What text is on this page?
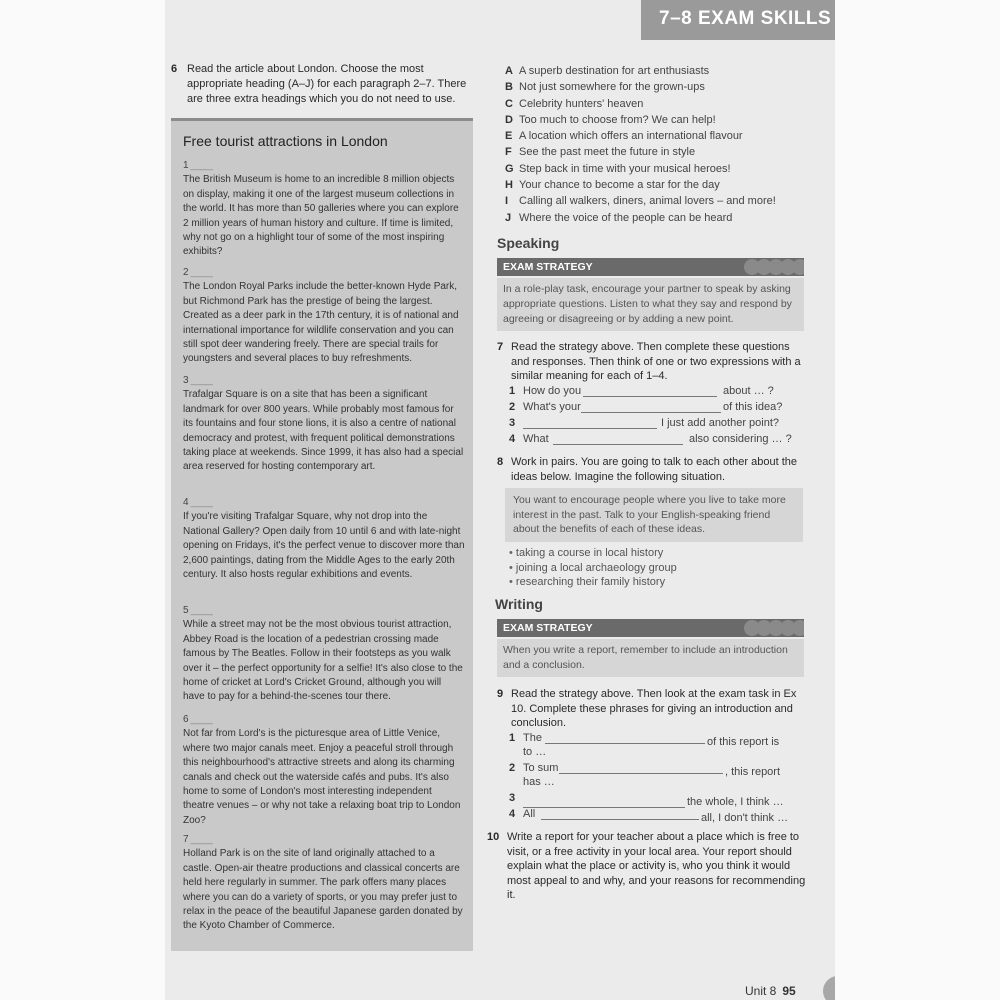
7–8 EXAM SKILLS
6 Read the article about London. Choose the most appropriate heading (A–J) for each paragraph 2–7. There are three extra headings which you do not need to use.
Free tourist attractions in London
1 ____
The British Museum is home to an incredible 8 million objects on display, making it one of the largest museum collections in the world. It has more than 50 galleries where you can explore 2 million years of human history and culture. If time is limited, why not go on a highlight tour of some of the most inspiring exhibits?
2 ____
The London Royal Parks include the better-known Hyde Park, but Richmond Park has the prestige of being the largest. Created as a deer park in the 17th century, it is of national and international importance for wildlife conservation and you can still spot deer wandering freely. There are special trails for youngsters and several places to buy refreshments.
3 ____
Trafalgar Square is on a site that has been a significant landmark for over 800 years. While probably most famous for its fountains and four stone lions, it is also a centre of national democracy and protest, with frequent political demonstrations taking place at weekends. Since 1999, it has also had a special area reserved for hosting contemporary art.
4 ____
If you're visiting Trafalgar Square, why not drop into the National Gallery? Open daily from 10 until 6 and with late-night opening on Fridays, it's the perfect venue to discover more than 2,600 paintings, dating from the Middle Ages to the early 20th century. It also hosts regular exhibitions and events.
5 ____
While a street may not be the most obvious tourist attraction, Abbey Road is the location of a pedestrian crossing made famous by The Beatles. Follow in their footsteps as you walk over it – the perfect opportunity for a selfie! It's also close to the home of cricket at Lord's Cricket Ground, although you will have to pay for a behind-the-scenes tour there.
6 ____
Not far from Lord's is the picturesque area of Little Venice, where two major canals meet. Enjoy a peaceful stroll through this neighbourhood's attractive streets and along its charming canals and check out the waterside cafés and pubs. It's also home to some of London's most interesting independent theatre venues – or why not take a relaxing boat trip to London Zoo?
7 ____
Holland Park is on the site of land originally attached to a castle. Open-air theatre productions and classical concerts are held here regularly in summer. The park offers many places where you can do a variety of sports, or you may prefer just to relax in the peace of the beautiful Japanese garden donated by the Kyoto Chamber of Commerce.
A A superb destination for art enthusiasts
B Not just somewhere for the grown-ups
C Celebrity hunters' heaven
D Too much to choose from? We can help!
E A location which offers an international flavour
F See the past meet the future in style
G Step back in time with your musical heroes!
H Your chance to become a star for the day
I Calling all walkers, diners, animal lovers – and more!
J Where the voice of the people can be heard
Speaking
EXAM STRATEGY
In a role-play task, encourage your partner to speak by asking appropriate questions. Listen to what they say and respond by agreeing or disagreeing or by adding a new point.
7 Read the strategy above. Then complete these questions and responses. Then think of one or two expressions with a similar meaning for each of 1–4.
1 How do you	about … ?
2 What's your	of this idea?
3	I just add another point?
4 What	also considering … ?
8 Work in pairs. You are going to talk to each other about the ideas below. Imagine the following situation.
You want to encourage people where you live to take more interest in the past. Talk to your English-speaking friend about the benefits of each of these ideas.
• taking a course in local history
• joining a local archaeology group
• researching their family history
Writing
EXAM STRATEGY
When you write a report, remember to include an introduction and a conclusion.
9 Read the strategy above. Then look at the exam task in Ex 10. Complete these phrases for giving an introduction and conclusion.
1 The	of this report is
to …
2 To sum	, this report
has …
3	the whole, I think …
4 All	all, I don't think …
10 Write a report for your teacher about a place which is free to visit, or a free activity in your local area. Your report should explain what the place or activity is, who you think it would most appeal to and why, and your reasons for recommending it.
Unit 8 95
